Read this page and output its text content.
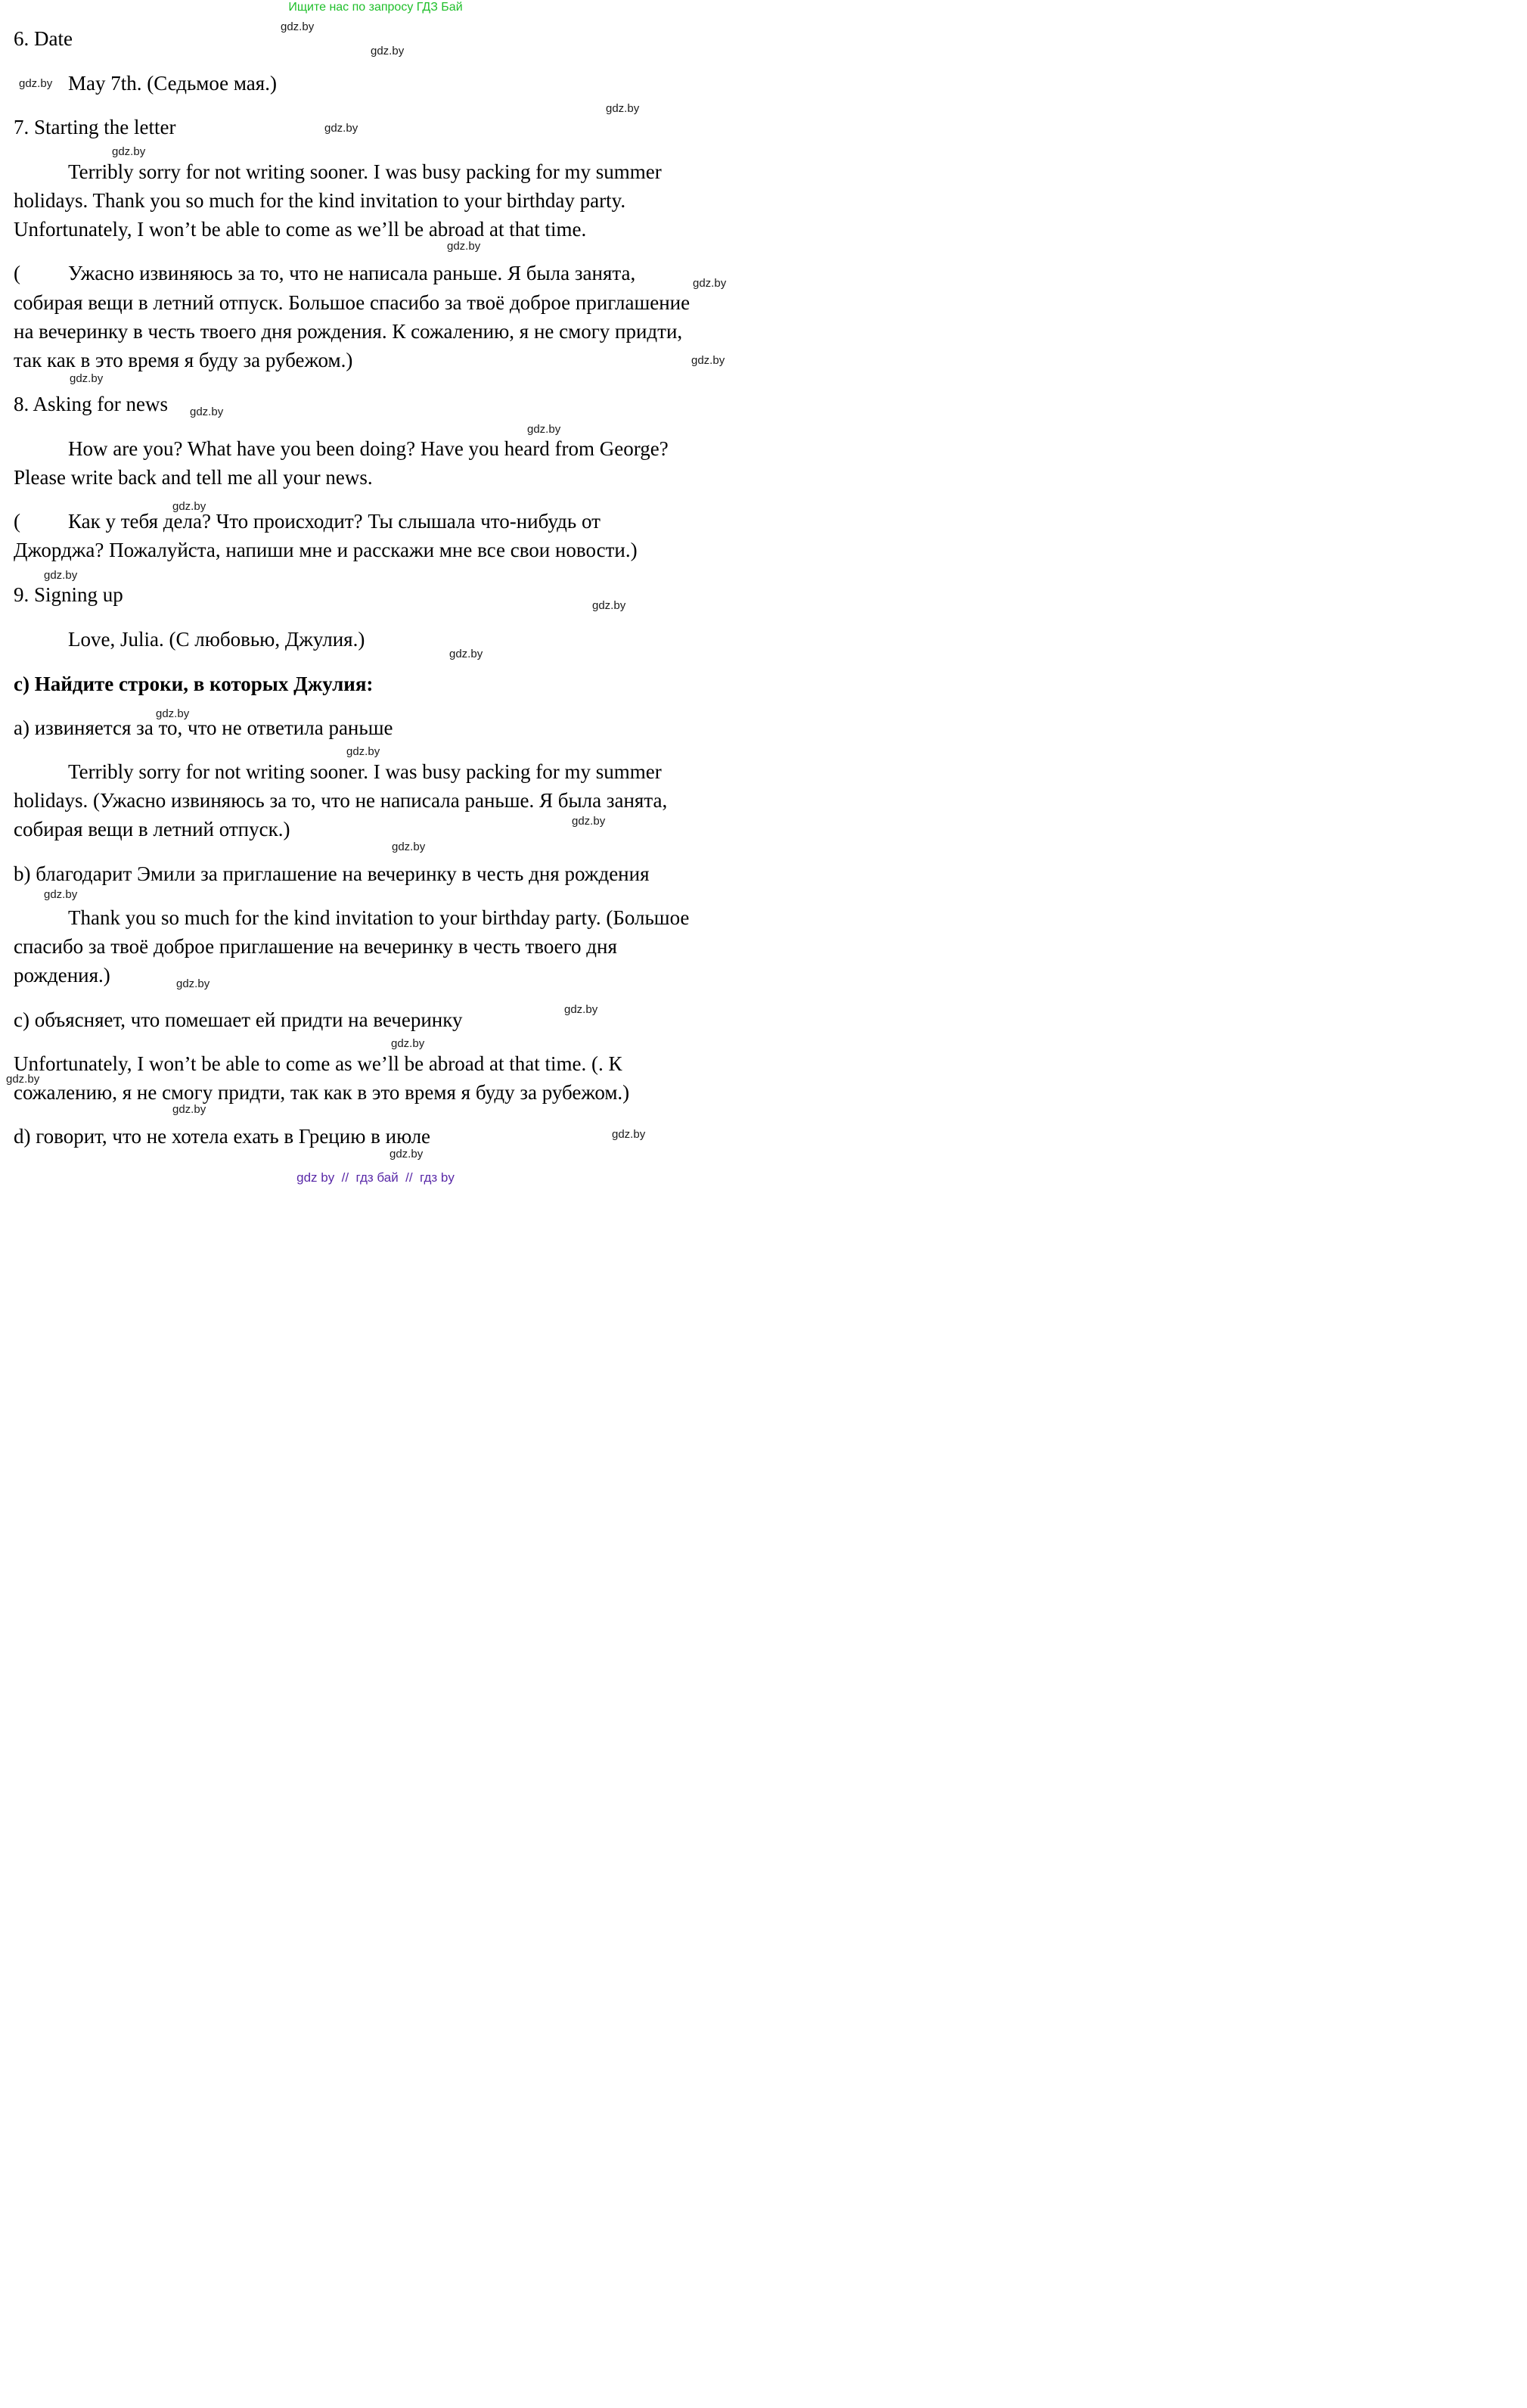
Ищите нас по запросу ГДЗ Бай
6. Date
May 7th. (Седьмое мая.)
7. Starting the letter
Terribly sorry for not writing sooner. I was busy packing for my summer
holidays. Thank you so much for the kind invitation to your birthday party.
Unfortunately, I won’t be able to come as we’ll be abroad at that time.
( Ужасно извиняюсь за то, что не написала раньше. Я была занята,
собирая вещи в летний отпуск. Большое спасибо за твоё доброе приглашение
на вечеринку в честь твоего дня рождения. К сожалению, я не смогу придти,
так как в это время я буду за рубежом.)
8. Asking for news
How are you? What have you been doing? Have you heard from George?
Please write back and tell me all your news.
( Как у тебя дела? Что происходит? Ты слышала что-нибудь от
Джорджа? Пожалуйста, напиши мне и расскажи мне все свои новости.)
9. Signing up
Love, Julia. (С любовью, Джулия.)
c) Найдите строки, в которых Джулия:
a) извиняется за то, что не ответила раньше
Terribly sorry for not writing sooner. I was busy packing for my summer
holidays. (Ужасно извиняюсь за то, что не написала раньше. Я была занята,
собирая вещи в летний отпуск.)
b) благодарит Эмили за приглашение на вечеринку в честь дня рождения
Thank you so much for the kind invitation to your birthday party. (Большое
спасибо за твоё доброе приглашение на вечеринку в честь твоего дня
рождения.)
c) объясняет, что помешает ей придти на вечеринку
Unfortunately, I won’t be able to come as we’ll be abroad at that time. (. К
сожалению, я не смогу придти, так как в это время я буду за рубежом.)
d) говорит, что не хотела ехать в Грецию в июле
gdz.by
gdz.by
gdz.by
gdz.by
gdz.by
gdz.by
gdz.by
gdz.by
gdz.by
gdz.by
gdz.by
gdz.by
gdz.by
gdz.by
gdz.by
gdz.by
gdz.by
gdz.by
gdz.by
gdz.by
gdz.by
gdz.by
gdz.by
gdz.by
gdz.by
gdz.by
gdz.by
gdz.by
gdz by  //  гдз бай  //  гдз by
